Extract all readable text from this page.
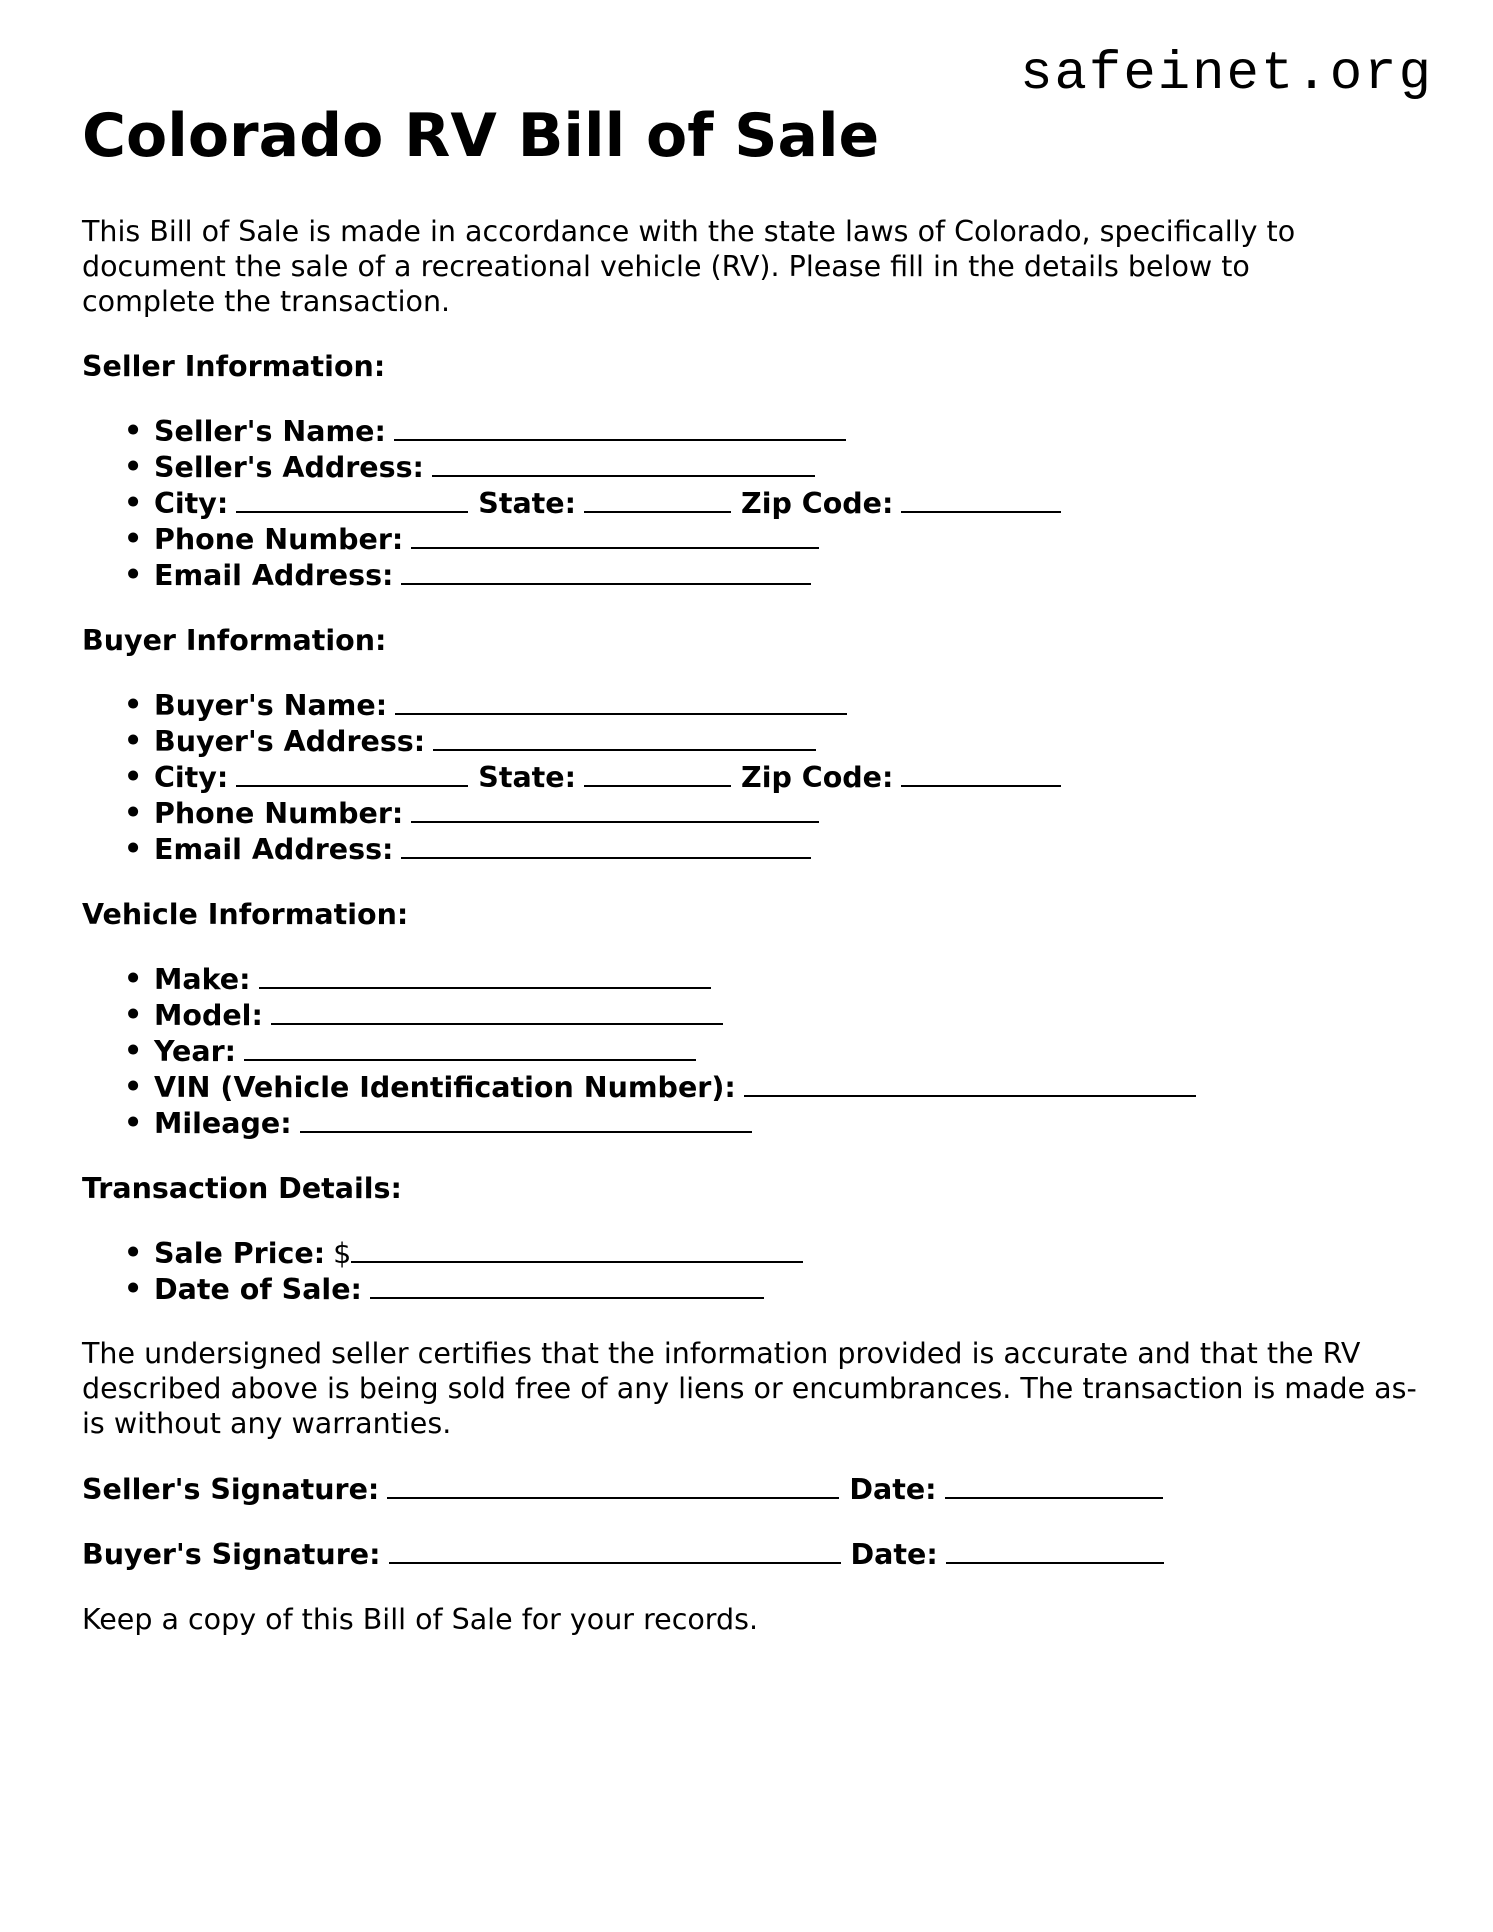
safeinet.org
Colorado RV Bill of Sale

This Bill of Sale is made in accordance with the state laws of Colorado, specifically to document the sale of a recreational vehicle (RV). Please fill in the details below to complete the transaction.

Seller Information:

• Seller's Name:
• Seller's Address:
• City:	State:	Zip Code:
• Phone Number:
• Email Address:

Buyer Information:

• Buyer's Name:
• Buyer's Address:
• City:	State:	Zip Code:
• Phone Number:
• Email Address:

Vehicle Information:

• Make:
• Model:
• Year:
• VIN (Vehicle Identification Number):
• Mileage:

Transaction Details:

• Sale Price: $
• Date of Sale:

The undersigned seller certifies that the information provided is accurate and that the RV described above is being sold free of any liens or encumbrances. The transaction is made as-is without any warranties.

Seller's Signature:	Date:

Buyer's Signature:	Date:

Keep a copy of this Bill of Sale for your records.
